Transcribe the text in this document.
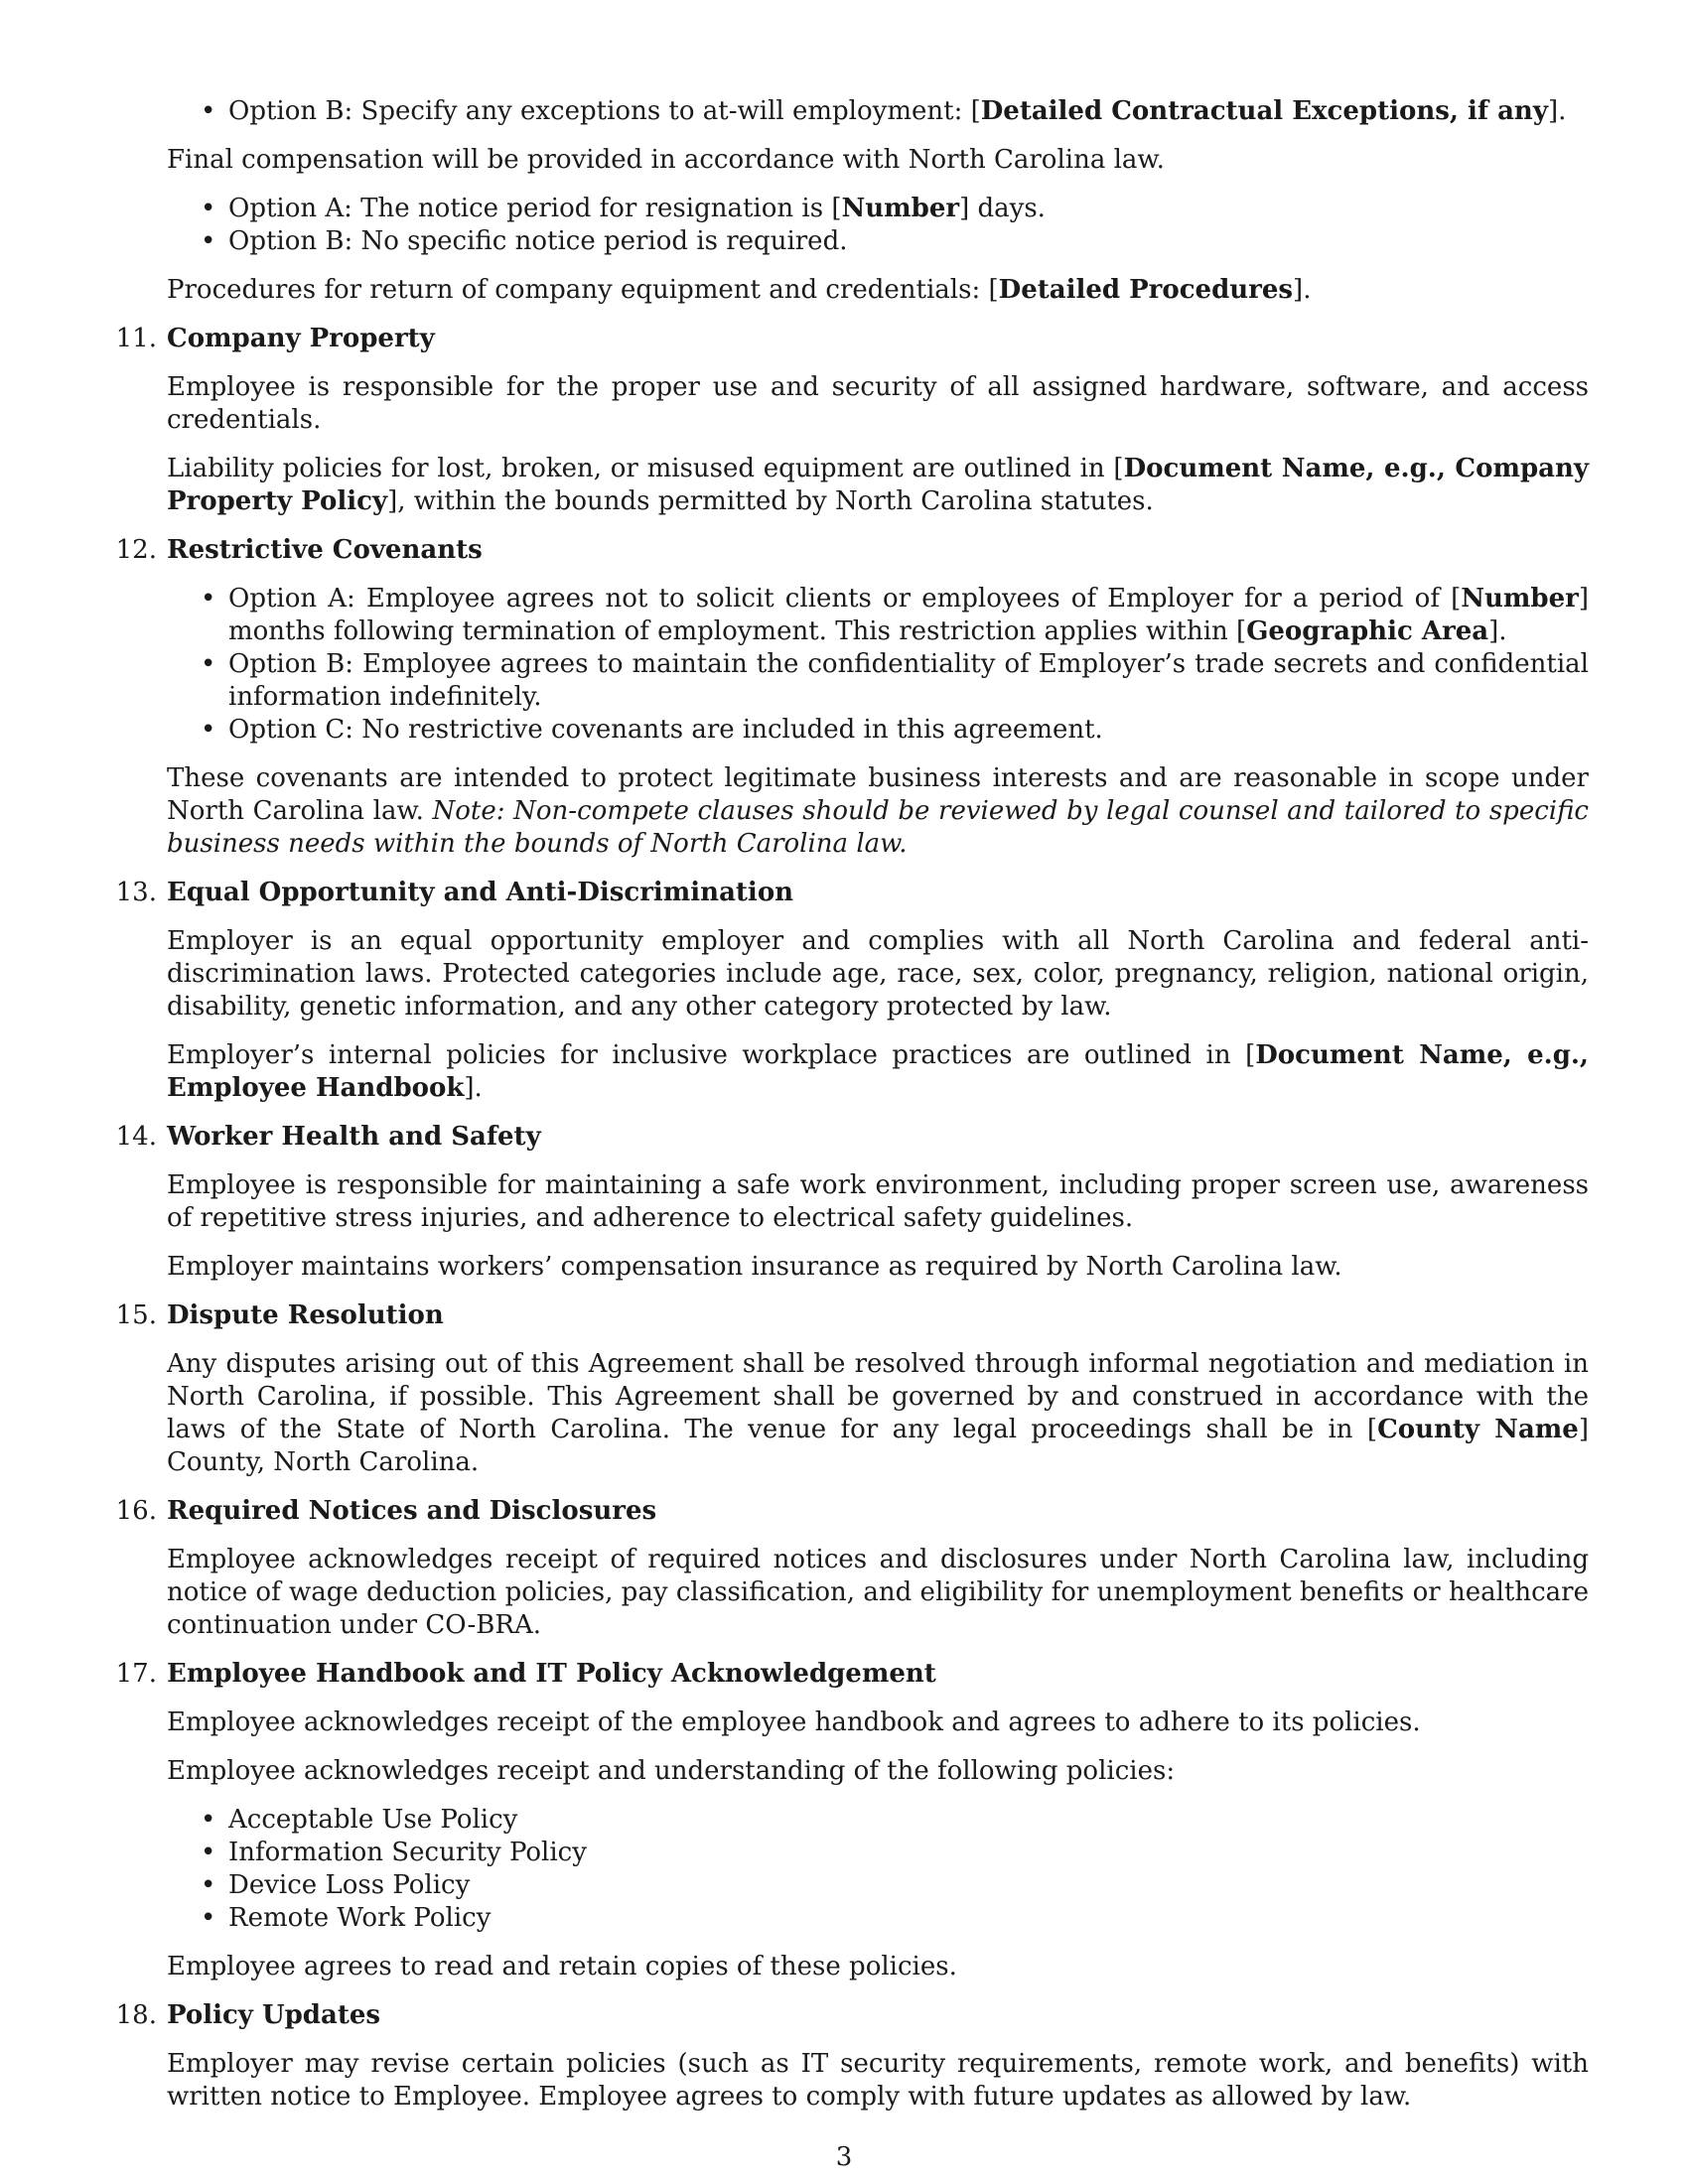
• Option B: Specify any exceptions to at-will employment: [Detailed Contractual Exceptions, if any].

Final compensation will be provided in accordance with North Carolina law.

• Option A: The notice period for resignation is [Number] days.
• Option B: No specific notice period is required.

Procedures for return of company equipment and credentials: [Detailed Procedures].

11. Company Property

Employee is responsible for the proper use and security of all assigned hardware, software, and access credentials.

Liability policies for lost, broken, or misused equipment are outlined in [Document Name, e.g., Company Property Policy], within the bounds permitted by North Carolina statutes.

12. Restrictive Covenants
• Option A: Employee agrees not to solicit clients or employees of Employer for a period of [Number] months following termination of employment. This restriction applies within [Geographic Area].
• Option B: Employee agrees to maintain the confidentiality of Employer’s trade secrets and confidential information indefinitely.
• Option C: No restrictive covenants are included in this agreement.

These covenants are intended to protect legitimate business interests and are reasonable in scope under North Carolina law. Note: Non-compete clauses should be reviewed by legal counsel and tailored to specific business needs within the bounds of North Carolina law.

13. Equal Opportunity and Anti-Discrimination

Employer is an equal opportunity employer and complies with all North Carolina and federal anti-discrimination laws. Protected categories include age, race, sex, color, pregnancy, religion, national origin, disability, genetic information, and any other category protected by law.

Employer’s internal policies for inclusive workplace practices are outlined in [Document Name, e.g., Employee Handbook].

14. Worker Health and Safety

Employee is responsible for maintaining a safe work environment, including proper screen use, awareness of repetitive stress injuries, and adherence to electrical safety guidelines.

Employer maintains workers’ compensation insurance as required by North Carolina law.

15. Dispute Resolution

Any disputes arising out of this Agreement shall be resolved through informal negotiation and mediation in North Carolina, if possible. This Agreement shall be governed by and construed in accordance with the laws of the State of North Carolina. The venue for any legal proceedings shall be in [County Name] County, North Carolina.

16. Required Notices and Disclosures

Employee acknowledges receipt of required notices and disclosures under North Carolina law, including notice of wage deduction policies, pay classification, and eligibility for unemployment benefits or healthcare continuation under CO-BRA.

17. Employee Handbook and IT Policy Acknowledgement

Employee acknowledges receipt of the employee handbook and agrees to adhere to its policies.

Employee acknowledges receipt and understanding of the following policies:

• Acceptable Use Policy
• Information Security Policy
• Device Loss Policy
• Remote Work Policy

Employee agrees to read and retain copies of these policies.

18. Policy Updates

Employer may revise certain policies (such as IT security requirements, remote work, and benefits) with written notice to Employee. Employee agrees to comply with future updates as allowed by law.

3
